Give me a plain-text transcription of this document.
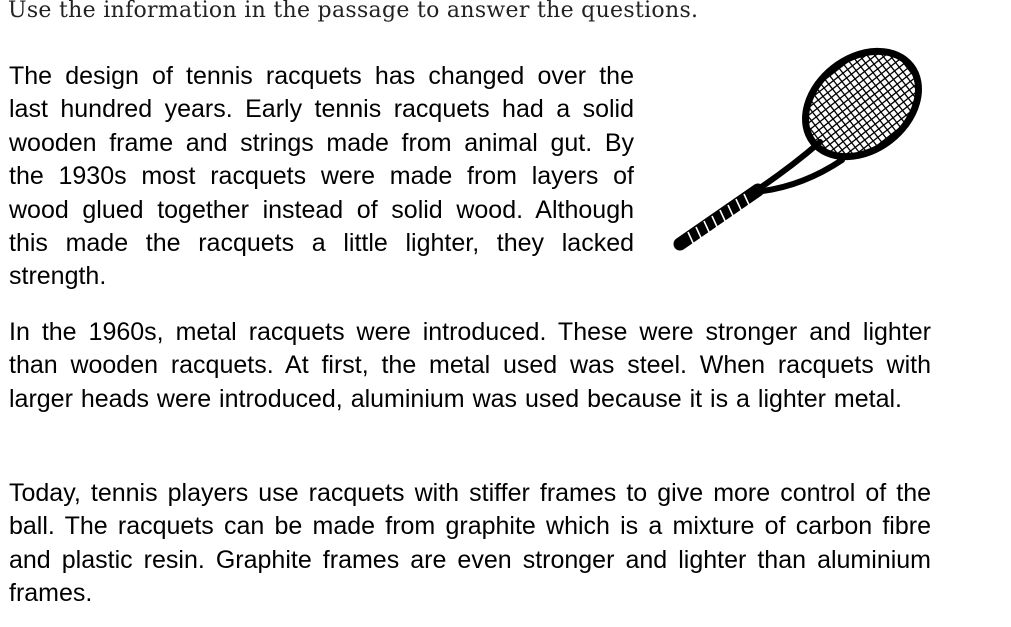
Use the information in the passage to answer the questions.

The design of tennis racquets has changed over the last hundred years. Early tennis racquets had a solid wooden frame and strings made from animal gut. By the 1930s most racquets were made from layers of wood glued together instead of solid wood. Although this made the racquets a little lighter, they lacked strength.

In the 1960s, metal racquets were introduced. These were stronger and lighter than wooden racquets. At first, the metal used was steel. When racquets with larger heads were introduced, aluminium was used because it is a lighter metal.

Today, tennis players use racquets with stiffer frames to give more control of the ball. The racquets can be made from graphite which is a mixture of carbon fibre and plastic resin. Graphite frames are even stronger and lighter than aluminium frames.
